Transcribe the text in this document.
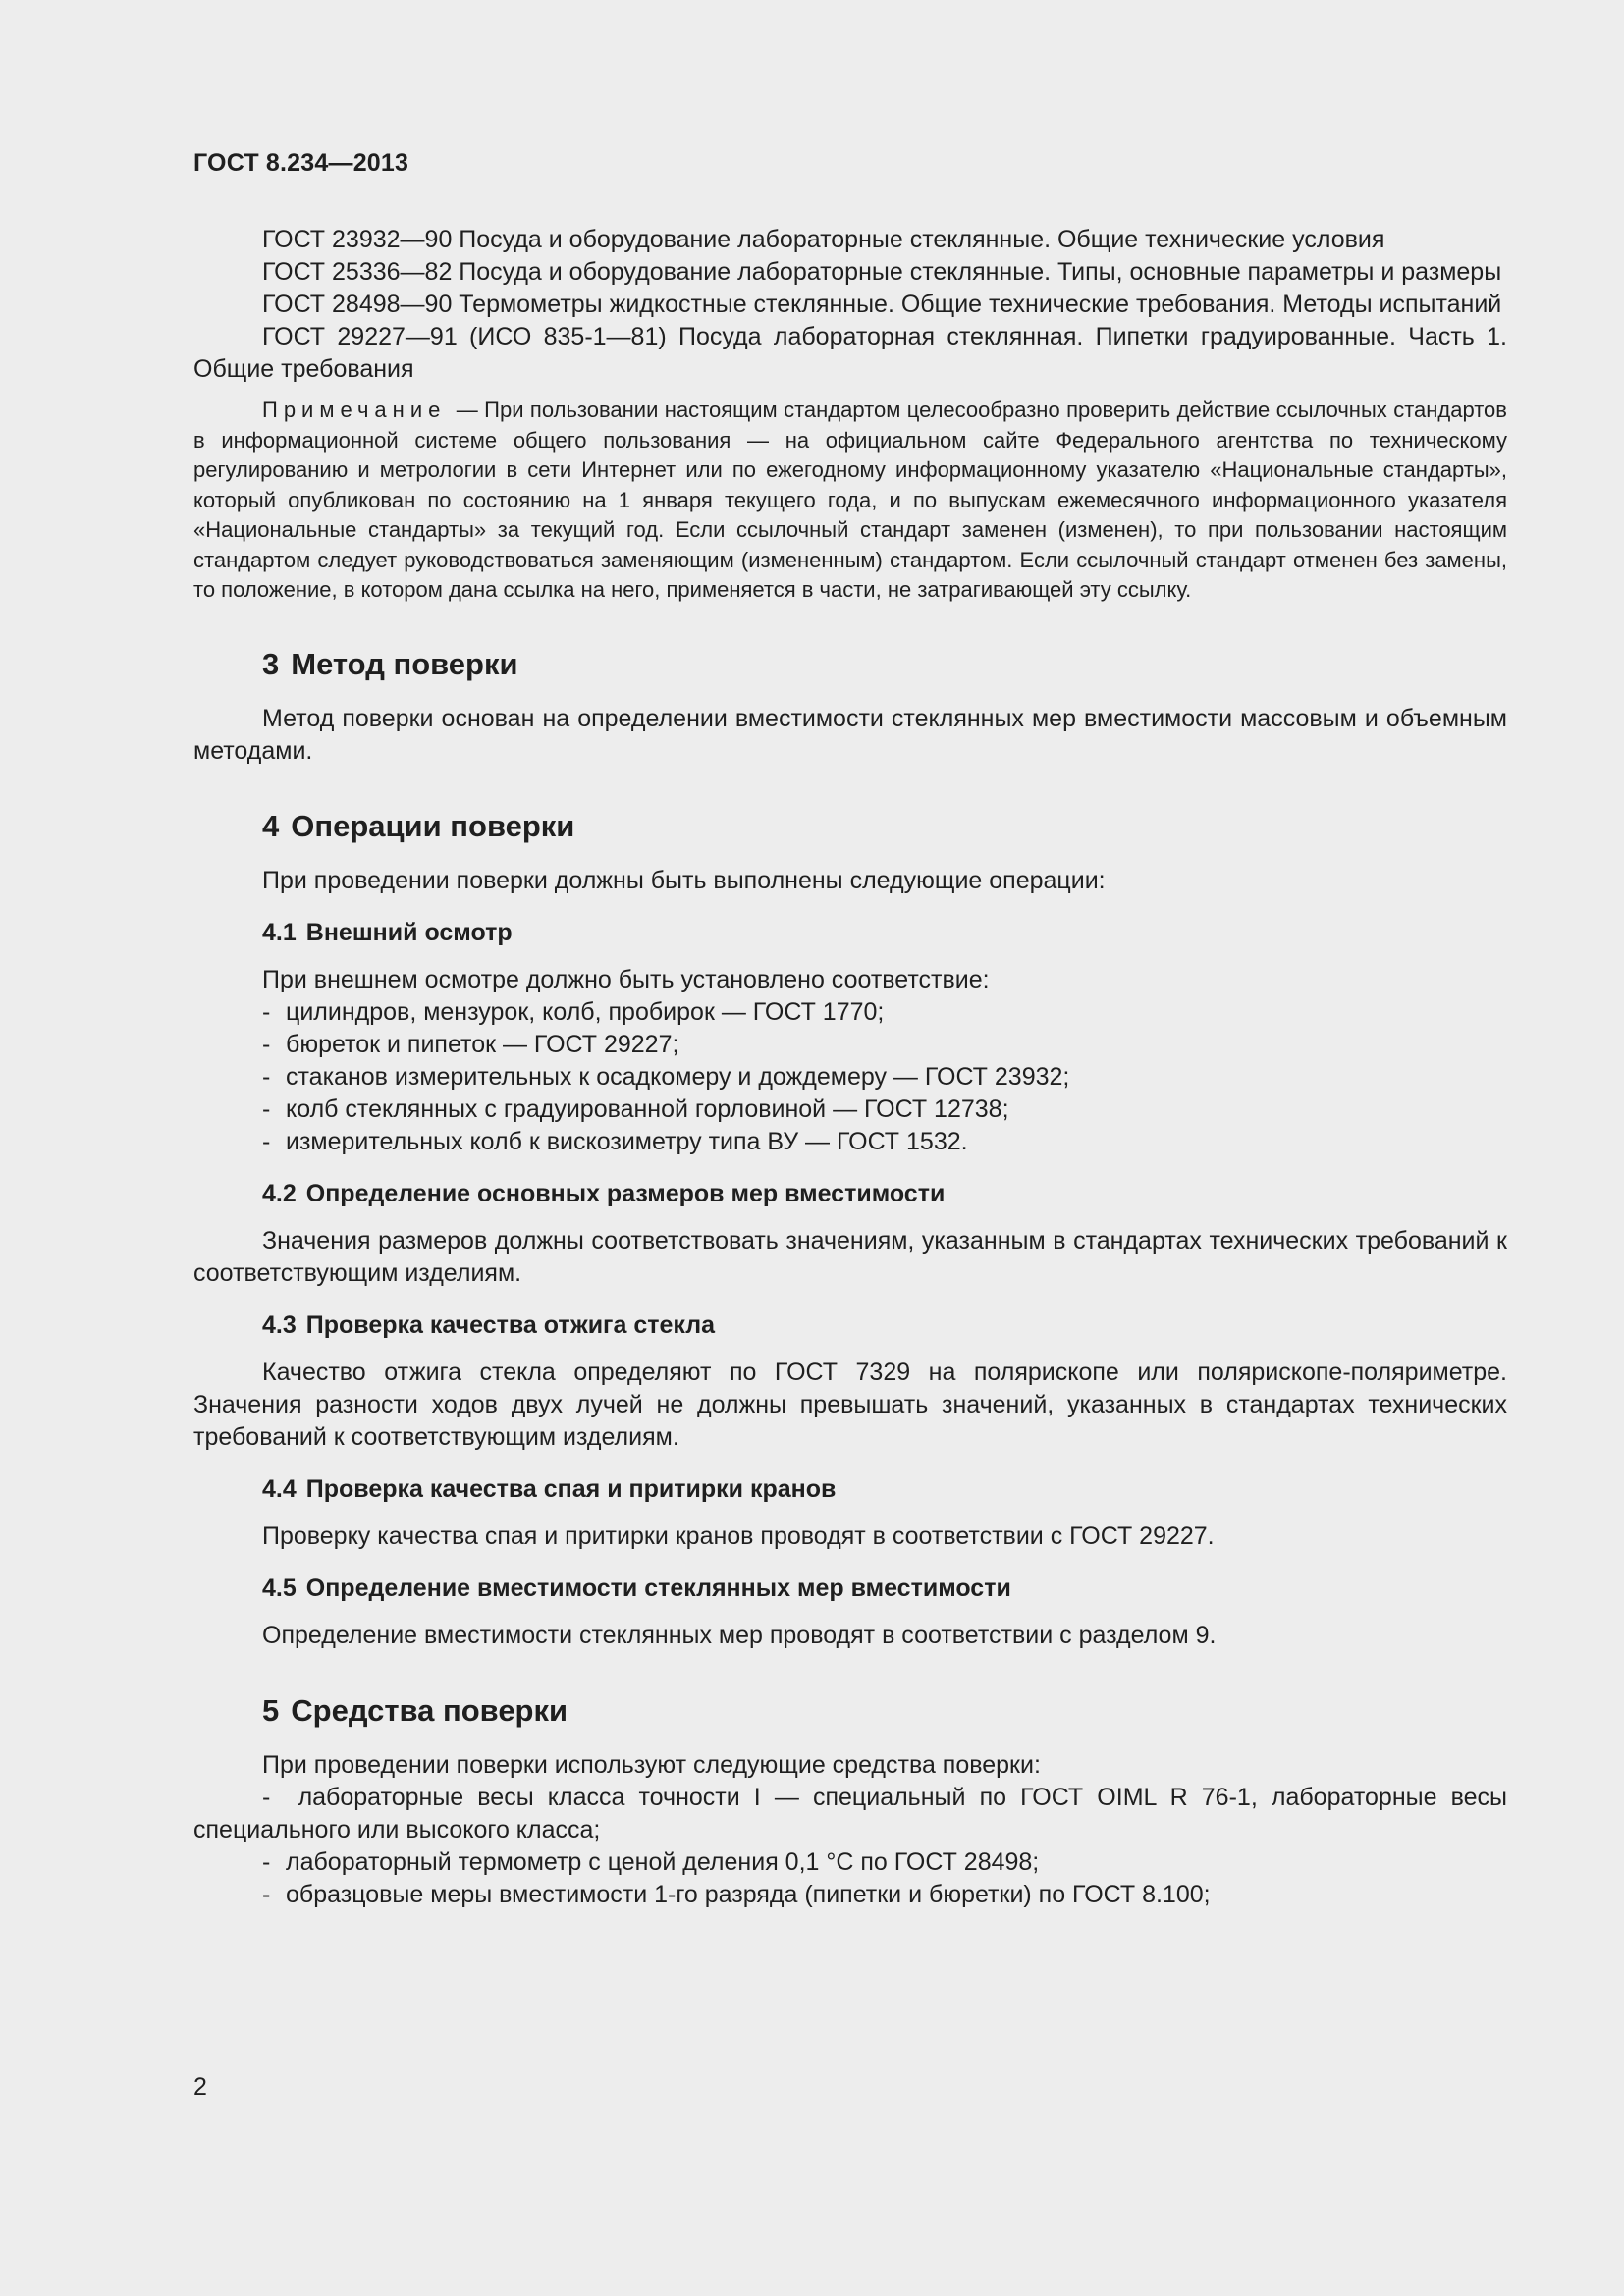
ГОСТ 8.234—2013

ГОСТ 23932—90 Посуда и оборудование лабораторные стеклянные. Общие технические условия

ГОСТ 25336—82 Посуда и оборудование лабораторные стеклянные. Типы, основные параметры и размеры

ГОСТ 28498—90 Термометры жидкостные стеклянные. Общие технические требования. Методы испытаний

ГОСТ 29227—91 (ИСО 835-1—81) Посуда лабораторная стеклянная. Пипетки градуированные. Часть 1. Общие требования

Примечание — При пользовании настоящим стандартом целесообразно проверить действие ссылочных стандартов в информационной системе общего пользования — на официальном сайте Федерального агентства по техническому регулированию и метрологии в сети Интернет или по ежегодному информационному указателю «Национальные стандарты», который опубликован по состоянию на 1 января текущего года, и по выпускам ежемесячного информационного указателя «Национальные стандарты» за текущий год. Если ссылочный стандарт заменен (изменен), то при пользовании настоящим стандартом следует руководствоваться заменяющим (измененным) стандартом. Если ссылочный стандарт отменен без замены, то положение, в котором дана ссылка на него, применяется в части, не затрагивающей эту ссылку.

3 Метод поверки

Метод поверки основан на определении вместимости стеклянных мер вместимости массовым и объемным методами.

4 Операции поверки

При проведении поверки должны быть выполнены следующие операции:

4.1 Внешний осмотр

При внешнем осмотре должно быть установлено соответствие:

- цилиндров, мензурок, колб, пробирок — ГОСТ 1770;

- бюреток и пипеток — ГОСТ 29227;

- стаканов измерительных к осадкомеру и дождемеру — ГОСТ 23932;

- колб стеклянных с градуированной горловиной — ГОСТ 12738;

- измерительных колб к вискозиметру типа ВУ — ГОСТ 1532.

4.2 Определение основных размеров мер вместимости

Значения размеров должны соответствовать значениям, указанным в стандартах технических требований к соответствующим изделиям.

4.3 Проверка качества отжига стекла

Качество отжига стекла определяют по ГОСТ 7329 на полярископе или полярископе-поляриметре. Значения разности ходов двух лучей не должны превышать значений, указанных в стандартах технических требований к соответствующим изделиям.

4.4 Проверка качества спая и притирки кранов

Проверку качества спая и притирки кранов проводят в соответствии с ГОСТ 29227.

4.5 Определение вместимости стеклянных мер вместимости

Определение вместимости стеклянных мер проводят в соответствии с разделом 9.

5 Средства поверки

При проведении поверки используют следующие средства поверки:

- лабораторные весы класса точности I — специальный по ГОСТ OIML R 76-1, лабораторные весы специального или высокого класса;

- лабораторный термометр с ценой деления 0,1 °С по ГОСТ 28498;

- образцовые меры вместимости 1-го разряда (пипетки и бюретки) по ГОСТ 8.100;

2
